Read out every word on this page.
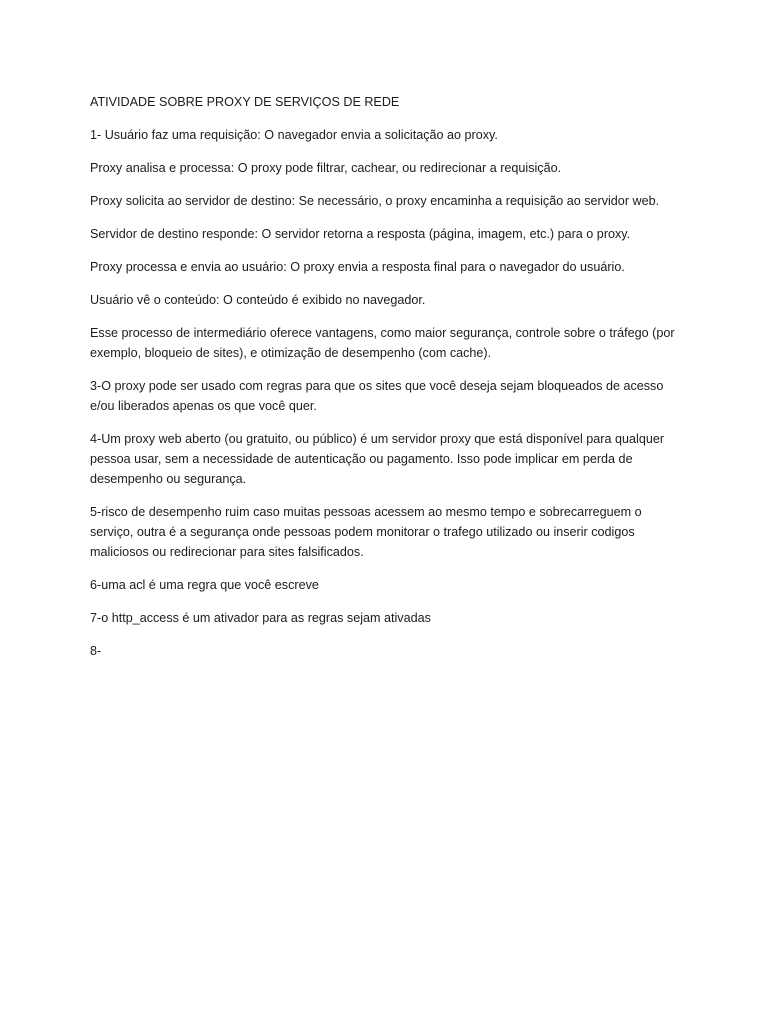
ATIVIDADE SOBRE PROXY DE SERVIÇOS DE REDE

1- Usuário faz uma requisição: O navegador envia a solicitação ao proxy.

Proxy analisa e processa: O proxy pode filtrar, cachear, ou redirecionar a requisição.

Proxy solicita ao servidor de destino: Se necessário, o proxy encaminha a requisição ao servidor web.

Servidor de destino responde: O servidor retorna a resposta (página, imagem, etc.) para o proxy.

Proxy processa e envia ao usuário: O proxy envia a resposta final para o navegador do usuário.

Usuário vê o conteúdo: O conteúdo é exibido no navegador.

Esse processo de intermediário oferece vantagens, como maior segurança, controle sobre o tráfego (por exemplo, bloqueio de sites), e otimização de desempenho (com cache).

3-O proxy pode ser usado com regras para que os sites que você deseja sejam bloqueados de acesso e/ou liberados apenas os que você quer.

4-Um proxy web aberto (ou gratuito, ou público) é um servidor proxy que está disponível para qualquer pessoa usar, sem a necessidade de autenticação ou pagamento. Isso pode implicar em perda de desempenho ou segurança.

5-risco de desempenho ruim caso muitas pessoas acessem ao mesmo tempo e sobrecarreguem o serviço, outra é a segurança onde pessoas podem monitorar o trafego utilizado ou inserir codigos maliciosos ou redirecionar para sites falsificados.

6-uma acl é uma regra que você escreve

7-o http_access é um ativador para as regras sejam ativadas

8-
